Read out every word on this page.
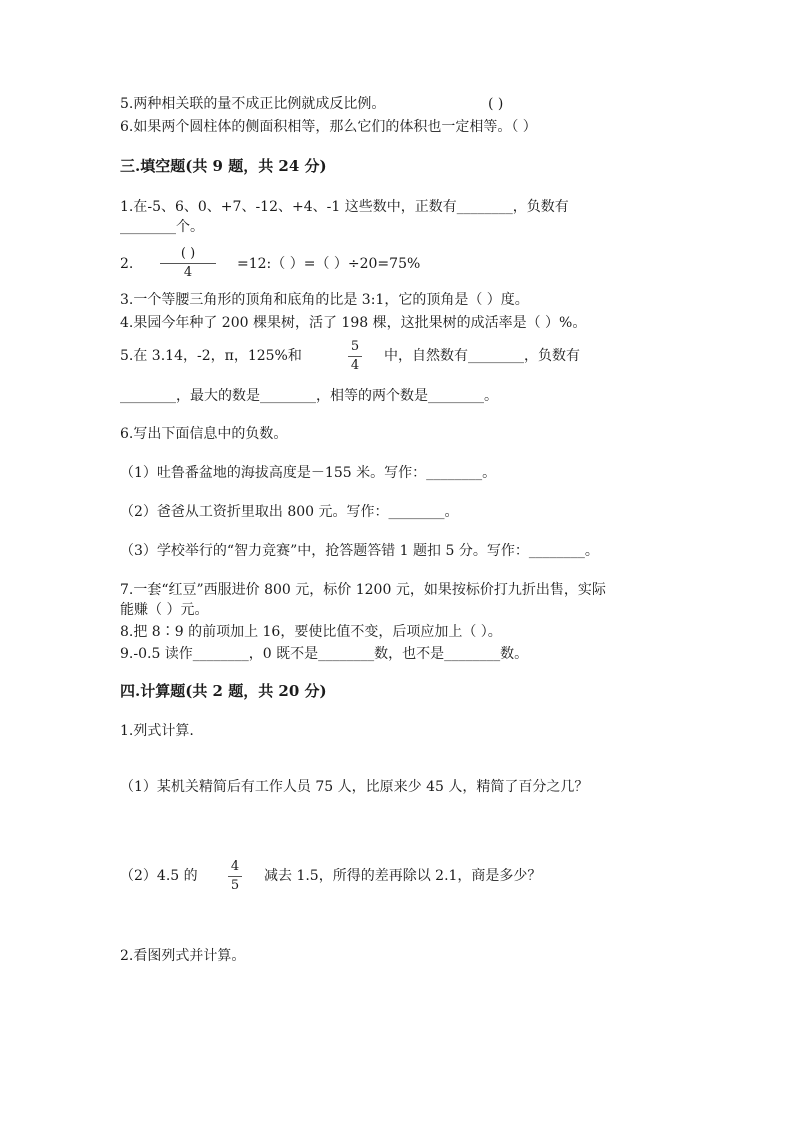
5.两种相关联的量不成正比例就成反比例。	( )
6.如果两个圆柱体的侧面积相等，那么它们的体积也一定相等。（ ）
三.填空题(共 9 题，共 24 分)
1.在-5、6、0、+7、-12、+4、-1 这些数中，正数有________，负数有
________个。
2.
( )
4
=12:（ ）=（ ）÷20=75%
3.一个等腰三角形的顶角和底角的比是 3:1，它的顶角是（ ）度。
4.果园今年种了 200 棵果树，活了 198 棵，这批果树的成活率是（ ）%。
5.在 3.14，-2，π，125%和
5
4
中，自然数有________，负数有
________，最大的数是________，相等的两个数是________。
6.写出下面信息中的负数。
（1）吐鲁番盆地的海拔高度是－155 米。写作：________。
（2）爸爸从工资折里取出 800 元。写作：________。
（3）学校举行的“智力竞赛”中，抢答题答错 1 题扣 5 分。写作：________。
7.一套“红豆”西服进价 800 元，标价 1200 元，如果按标价打九折出售，实际
能赚（ ）元。
8.把 8∶9 的前项加上 16，要使比值不变，后项应加上（ ）。
9.-0.5 读作________，0 既不是________数，也不是________数。
四.计算题(共 2 题，共 20 分)
1.列式计算.
（1）某机关精简后有工作人员 75 人，比原来少 45 人，精简了百分之几？
（2）4.5 的
4
5
减去 1.5，所得的差再除以 2.1，商是多少？
2.看图列式并计算。
